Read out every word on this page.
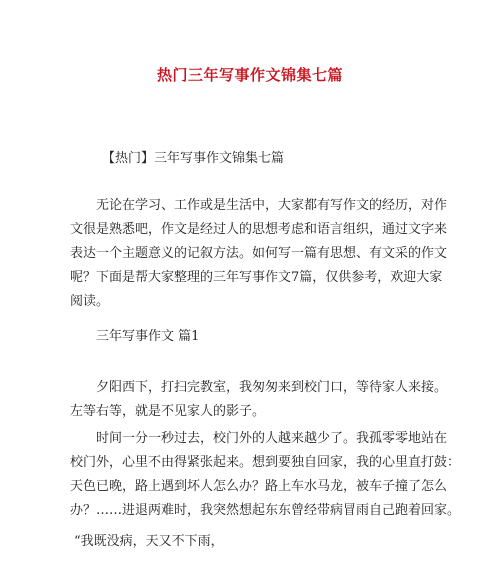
热门三年写事作文锦集七篇
【热门】三年写事作文锦集七篇
无论在学习、工作或是生活中，大家都有写作文的经历，对作
文很是熟悉吧，作文是经过人的思想考虑和语言组织，通过文字来
表达一个主题意义的记叙方法。如何写一篇有思想、有文采的作文
呢？下面是帮大家整理的三年写事作文7篇，仅供参考，欢迎大家
阅读。
三年写事作文 篇1
夕阳西下，打扫完教室，我匆匆来到校门口，等待家人来接。
左等右等，就是不见家人的影子。
时间一分一秒过去，校门外的人越来越少了。我孤零零地站在
校门外，心里不由得紧张起来。想到要独自回家，我的心里直打鼓：
天色已晚，路上遇到坏人怎么办？路上车水马龙，被车子撞了怎么
办？……进退两难时，我突然想起东东曾经带病冒雨自己跑着回家。
“我既没病，天又不下雨，
